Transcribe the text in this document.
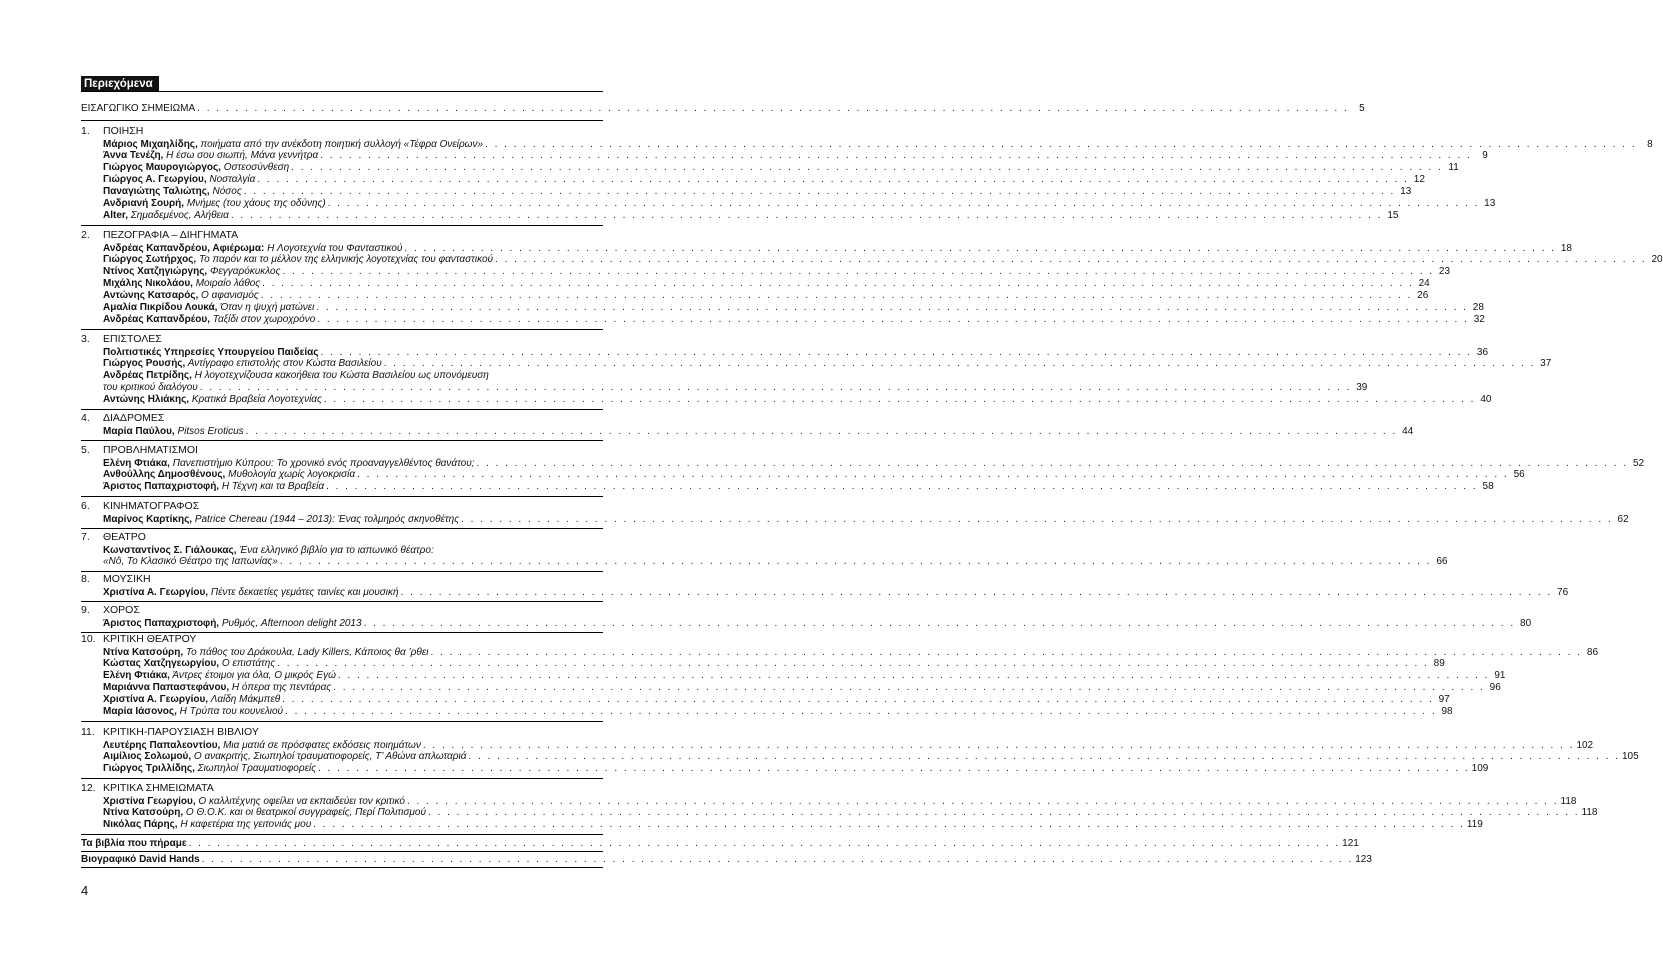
Περιεχόμενα
ΕΙΣΑΓΩΓΙΚΟ ΣΗΜΕΙΩΜΑ . . .	5
1. ΠΟΙΗΣΗ
Μάριος Μιχαηλίδης, ποιήματα από την ανέκδοτη ποιητική συλλογή «Τέφρα Ονείρων» . . .	8
Άννα Τενέζη, Η έσω σου σιωπή, Μάνα γεννήτρα . . .	9
Γιώργος Μαυρογιώργος, Οστεοσύνθεση . . .	11
Γιώργος Α. Γεωργίου, Νοσταλγία . . .	12
Παναγιώτης Ταλιώτης, Νόσος . . .	13
Ανδριανή Σουρή, Μνήμες (του χάους της οδύνης) . . .	13
Alter, Σημαδεμένος, Αλήθεια . . .	15
2. ΠΕΖΟΓΡΑΦΙΑ – ΔΙΗΓΗΜΑΤΑ
Ανδρέας Καπανδρέου, Αφιέρωμα: Η Λογοτεχνία του Φανταστικού . . .	18
Γιώργος Σωτήρχος, Το παρόν και το μέλλον της ελληνικής λογοτεχνίας του φανταστικού . . .	20
Ντίνος Χατζηγιώργης, Φεγγαρόκυκλος . . .	23
Μιχάλης Νικολάου, Μοιραίο λάθος . . .	24
Αντώνης Κατσαρός, Ο αφανισμός . . .	26
Αμαλία Πικρίδου Λουκά, Όταν η ψυχή ματώνει . . .	28
Ανδρέας Καπανδρέου, Ταξίδι στον χωροχρόνο . . .	32
3. ΕΠΙΣΤΟΛΕΣ
Πολιτιστικές Υπηρεσίες Υπουργείου Παιδείας . . .	36
Γιώργος Ρουσής, Αντίγραφο επιστολής στον Κώστα Βασιλείου . . .	37
Ανδρέας Πετρίδης, Η λογοτεχνίζουσα κακοήθεια του Κώστα Βασιλείου ως υπονόμευση
του κριτικού διαλόγου . . .	39
Αντώνης Ηλιάκης, Κρατικά Βραβεία Λογοτεχνίας . . .	40
4. ΔΙΑΔΡΟΜΕΣ
Μαρία Παύλου, Pitsos Eroticus . . .	44
5. ΠΡΟΒΛΗΜΑΤΙΣΜΟΙ
Ελένη Φτιάκα, Πανεπιστήμιο Κύπρου: Το χρονικό ενός προαναγγελθέντος θανάτου; . . .	52
Ανθούλλης Δημοσθένους, Μυθολογία χωρίς λογοκρισία . . .	56
Άριστος Παπαχριστοφή, Η Τέχνη και τα Βραβεία . . .	58
6. ΚΙΝΗΜΑΤΟΓΡΑΦΟΣ
Μαρίνος Καρτίκης, Patrice Chereau (1944 – 2013): Ένας τολμηρός σκηνοθέτης . . .	62
7. ΘΕΑΤΡΟ
Κωνσταντίνος Σ. Γιάλουκας, Ένα ελληνικό βιβλίο για το ιαπωνικό θέατρο:
«Νô, Το Κλασικό Θέατρο της Ιαπωνίας» . . .	66
8. ΜΟΥΣΙΚΗ
Χριστίνα Α. Γεωργίου, Πέντε δεκαετίες γεμάτες ταινίες και μουσική . . .	76
9. ΧΟΡΟΣ
Άριστος Παπαχριστοφή, Ρυθμός, Afternoon delight 2013 . . .	80
10. ΚΡΙΤΙΚΗ ΘΕΑΤΡΟΥ
Ντίνα Κατσούρη, Το πάθος του Δράκουλα, Lady Killers, Κάποιος θα ’ρθει . . .	86
Κώστας Χατζηγεωργίου, Ο επιστάτης . . .	89
Ελένη Φτιάκα, Άντρες έτοιμοι για όλα, Ο μικρός Εγώ . . .	91
Μαριάννα Παπαστεφάνου, Η όπερα της πεντάρας . . .	96
Χριστίνα Α. Γεωργίου, Λαίδη Μάκμπεθ . . .	97
Μαρία Ιάσονος, Η Τρύπα του κουνελιού . . .	98
11. ΚΡΙΤΙΚΗ-ΠΑΡΟΥΣΙΑΣΗ ΒΙΒΛΙΟΥ
Λευτέρης Παπαλεοντίου, Μια ματιά σε πρόσφατες εκδόσεις ποιημάτων . . .	102
Αιμίλιος Σολωμού, Ο ανακριτής, Σιωπηλοί τραυματιοφορείς, Τ’ Αθώνα απλωταριά . . .	105
Γιώργος Τριλλίδης, Σιωπηλοί Τραυματιοφορείς . . .	109
12. ΚΡΙΤΙΚΑ ΣΗΜΕΙΩΜΑΤΑ
Χριστίνα Γεωργίου, Ο καλλιτέχνης οφείλει να εκπαιδεύει τον κριτικό . . .	118
Ντίνα Κατσούρη, Ο Θ.Ο.Κ. και οι θεατρικοί συγγραφείς, Περί Πολιτισμού . . .	118
Νικόλας Πάρης, Η καφετέρια της γειτονιάς μου . . .	119
Τα βιβλία που πήραμε . . .	121
Βιογραφικό David Hands . . .	123
4
